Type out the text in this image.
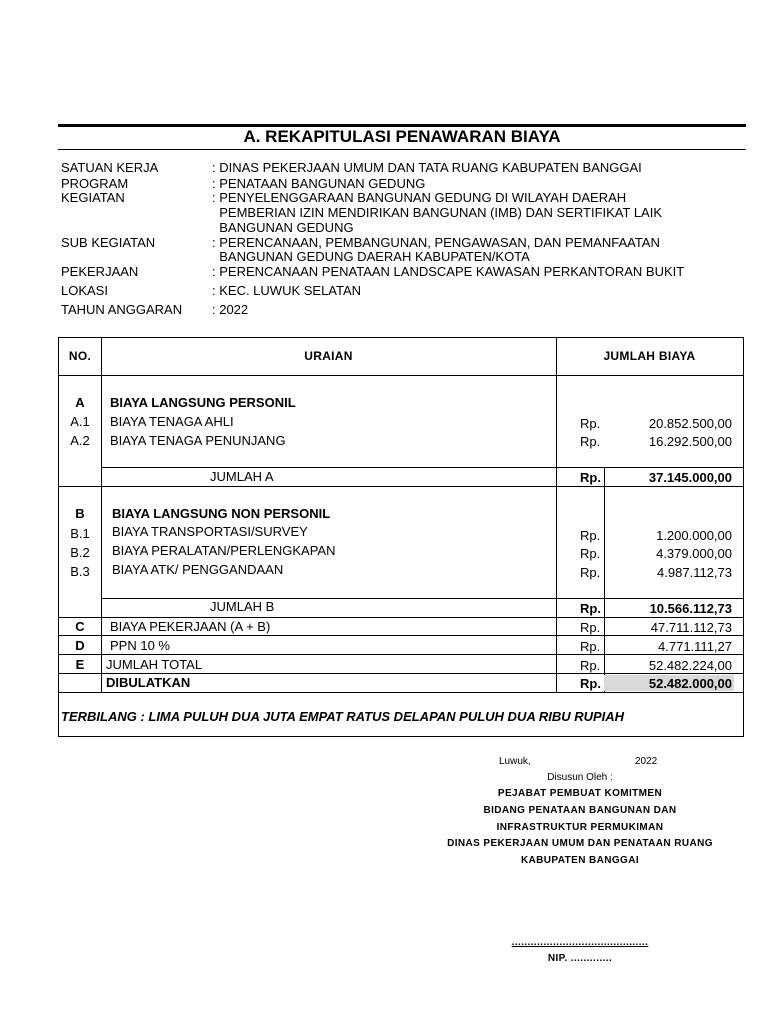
A. REKAPITULASI PENAWARAN BIAYA
SATUAN KERJA	: DINAS PEKERJAAN UMUM DAN TATA RUANG KABUPATEN BANGGAI
PROGRAM	: PENATAAN BANGUNAN GEDUNG
KEGIATAN	: PENYELENGGARAAN BANGUNAN GEDUNG DI WILAYAH DAERAH
PEMBERIAN IZIN MENDIRIKAN BANGUNAN (IMB) DAN SERTIFIKAT LAIK
BANGUNAN GEDUNG
SUB KEGIATAN	: PERENCANAAN, PEMBANGUNAN, PENGAWASAN, DAN PEMANFAATAN
BANGUNAN GEDUNG DAERAH KABUPATEN/KOTA
PEKERJAAN	: PERENCANAAN PENATAAN LANDSCAPE KAWASAN PERKANTORAN BUKIT
LOKASI	: KEC. LUWUK SELATAN
TAHUN ANGGARAN	: 2022
NO.	URAIAN	JUMLAH BIAYA
A	BIAYA LANGSUNG PERSONIL
A.1	BIAYA TENAGA AHLI	Rp.	20.852.500,00
A.2	BIAYA TENAGA PENUNJANG	Rp.	16.292.500,00
JUMLAH A	Rp.	37.145.000,00
B	BIAYA LANGSUNG NON PERSONIL
B.1	BIAYA TRANSPORTASI/SURVEY	Rp.	1.200.000,00
B.2	BIAYA PERALATAN/PERLENGKAPAN	Rp.	4.379.000,00
B.3	BIAYA ATK/ PENGGANDAAN	Rp.	4.987.112,73
JUMLAH B	Rp.	10.566.112,73
C	BIAYA PEKERJAAN (A + B)	Rp.	47.711.112,73
D	PPN 10 %	Rp.	4.771.111,27
E	JUMLAH TOTAL	Rp.	52.482.224,00
DIBULATKAN	Rp.	52.482.000,00
TERBILANG : LIMA PULUH DUA JUTA EMPAT RATUS DELAPAN PULUH DUA RIBU RUPIAH
Luwuk,	2022
Disusun Oleh :
PEJABAT PEMBUAT KOMITMEN
BIDANG PENATAAN BANGUNAN DAN
INFRASTRUKTUR PERMUKIMAN
DINAS PEKERJAAN UMUM DAN PENATAAN RUANG
KABUPATEN BANGGAI
...........................................
NIP. .............
